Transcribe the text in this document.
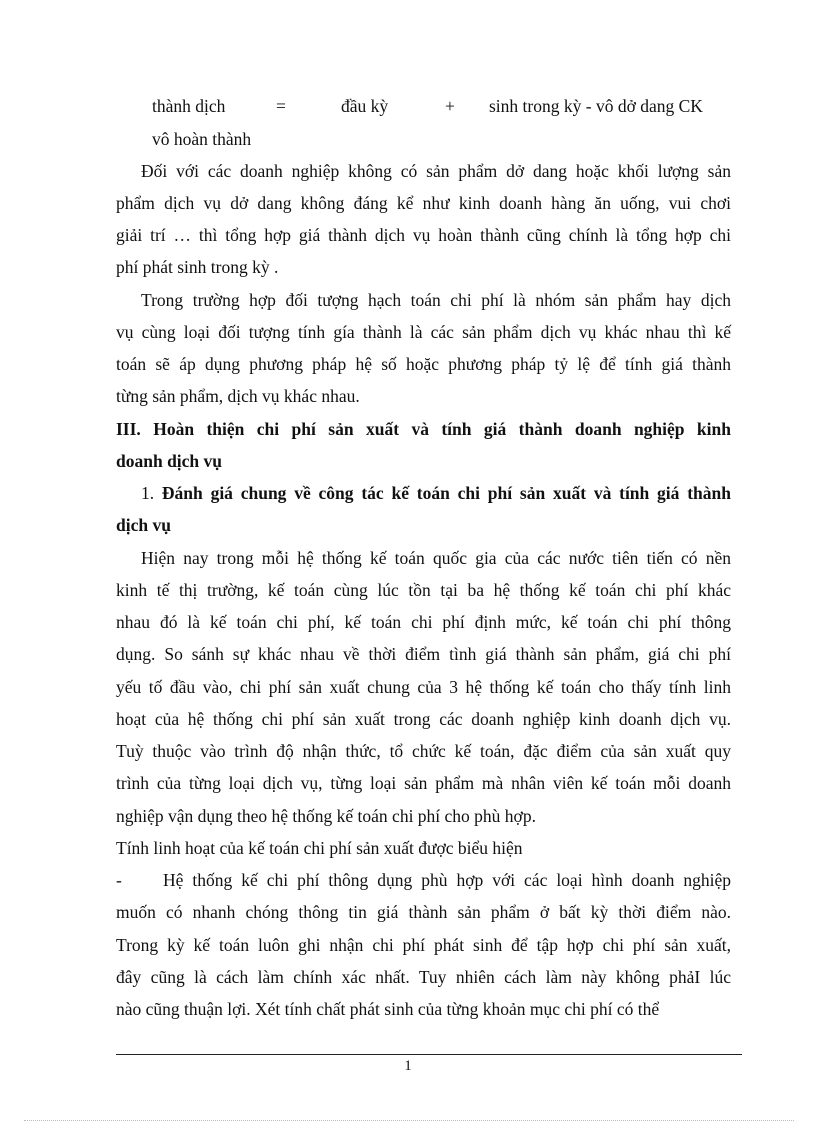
thành dịch	=	đầu kỳ	+ sinh trong kỳ - vô dở dang CK
vô hoàn thành
Đối với các doanh nghiệp không có sản phẩm dở dang hoặc khối lượng sản
phẩm dịch vụ dở dang không đáng kể như kinh doanh hàng ăn uống, vui chơi
giải trí … thì tổng hợp giá thành dịch vụ hoàn thành cũng chính là tổng hợp chi
phí phát sinh trong kỳ .
Trong trường hợp đối tượng hạch toán chi phí là nhóm sản phẩm hay dịch
vụ cùng loại đối tượng tính gía thành là các sản phẩm dịch vụ khác nhau thì kế
toán sẽ áp dụng phương pháp hệ số hoặc phương pháp tỷ lệ để tính giá thành
từng sản phẩm, dịch vụ khác nhau.
III. Hoàn thiện chi phí sản xuất và tính giá thành doanh nghiệp kinh
doanh dịch vụ
1. Đánh giá chung về công tác kế toán chi phí sản xuất và tính giá thành
dịch vụ
Hiện nay trong mỗi hệ thống kế toán quốc gia của các nước tiên tiến có nền
kinh tế thị trường, kế toán cùng lúc tồn tại ba hệ thống kế toán chi phí khác
nhau đó là kế toán chi phí, kế toán chi phí định mức, kế toán chi phí thông
dụng. So sánh sự khác nhau về thời điểm tình giá thành sản phẩm, giá chi phí
yếu tố đầu vào, chi phí sản xuất chung của 3 hệ thống kế toán cho thấy tính linh
hoạt của hệ thống chi phí sản xuất trong các doanh nghiệp kinh doanh dịch vụ.
Tuỳ thuộc vào trình độ nhận thức, tổ chức kế toán, đặc điểm của sản xuất quy
trình của từng loại dịch vụ, từng loại sản phẩm mà nhân viên kế toán mỗi doanh
nghiệp vận dụng theo hệ thống kế toán chi phí cho phù hợp.
Tính linh hoạt của kế toán chi phí sản xuất được biểu hiện
- Hệ thống kế chi phí thông dụng phù hợp với các loại hình doanh nghiệp
muốn có nhanh chóng thông tin giá thành sản phẩm ở bất kỳ thời điểm nào.
Trong kỳ kế toán luôn ghi nhận chi phí phát sinh để tập hợp chi phí sản xuất,
đây cũng là cách làm chính xác nhất. Tuy nhiên cách làm này không phảI lúc
nào cũng thuận lợi. Xét tính chất phát sinh của từng khoản mục chi phí có thể
1
